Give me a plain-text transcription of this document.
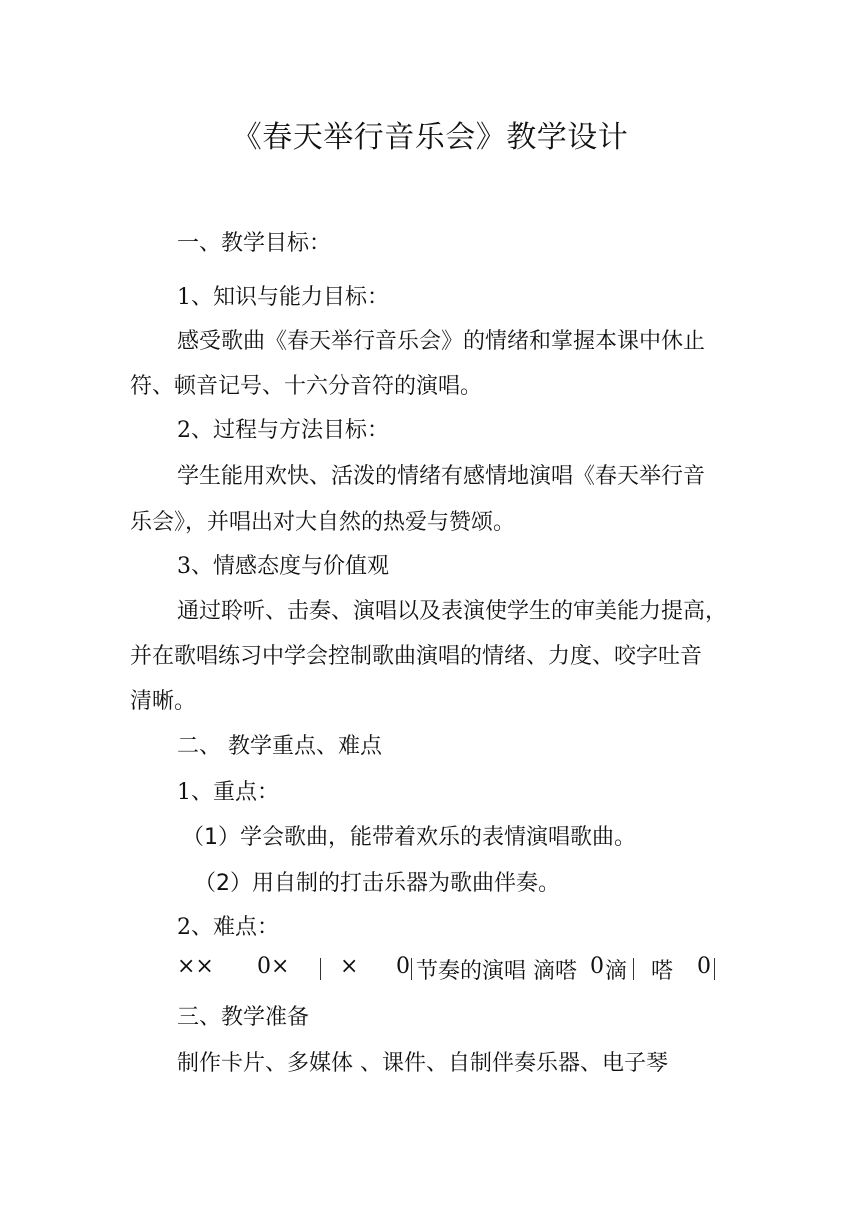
《春天举行音乐会》教学设计

一、教学目标：

1、知识与能力目标：

感受歌曲《春天举行音乐会》的情绪和掌握本课中休止

符、顿音记号、十六分音符的演唱。

2、过程与方法目标：

学生能用欢快、活泼的情绪有感情地演唱《春天举行音

乐会》，并唱出对大自然的热爱与赞颂。

3、情感态度与价值观

通过聆听、击奏、演唱以及表演使学生的审美能力提高，

并在歌唱练习中学会控制歌曲演唱的情绪、力度、咬字吐音

清晰。

二、 教学重点、难点

1、重点：

（1）学会歌曲，能带着欢乐的表情演唱歌曲。

（2）用自制的打击乐器为歌曲伴奏。

2、难点：

×× 0× × 0 节奏的演唱 滴嗒 0 滴 嗒 0

三、教学准备

制作卡片、多媒体 、课件、自制伴奏乐器、电子琴
